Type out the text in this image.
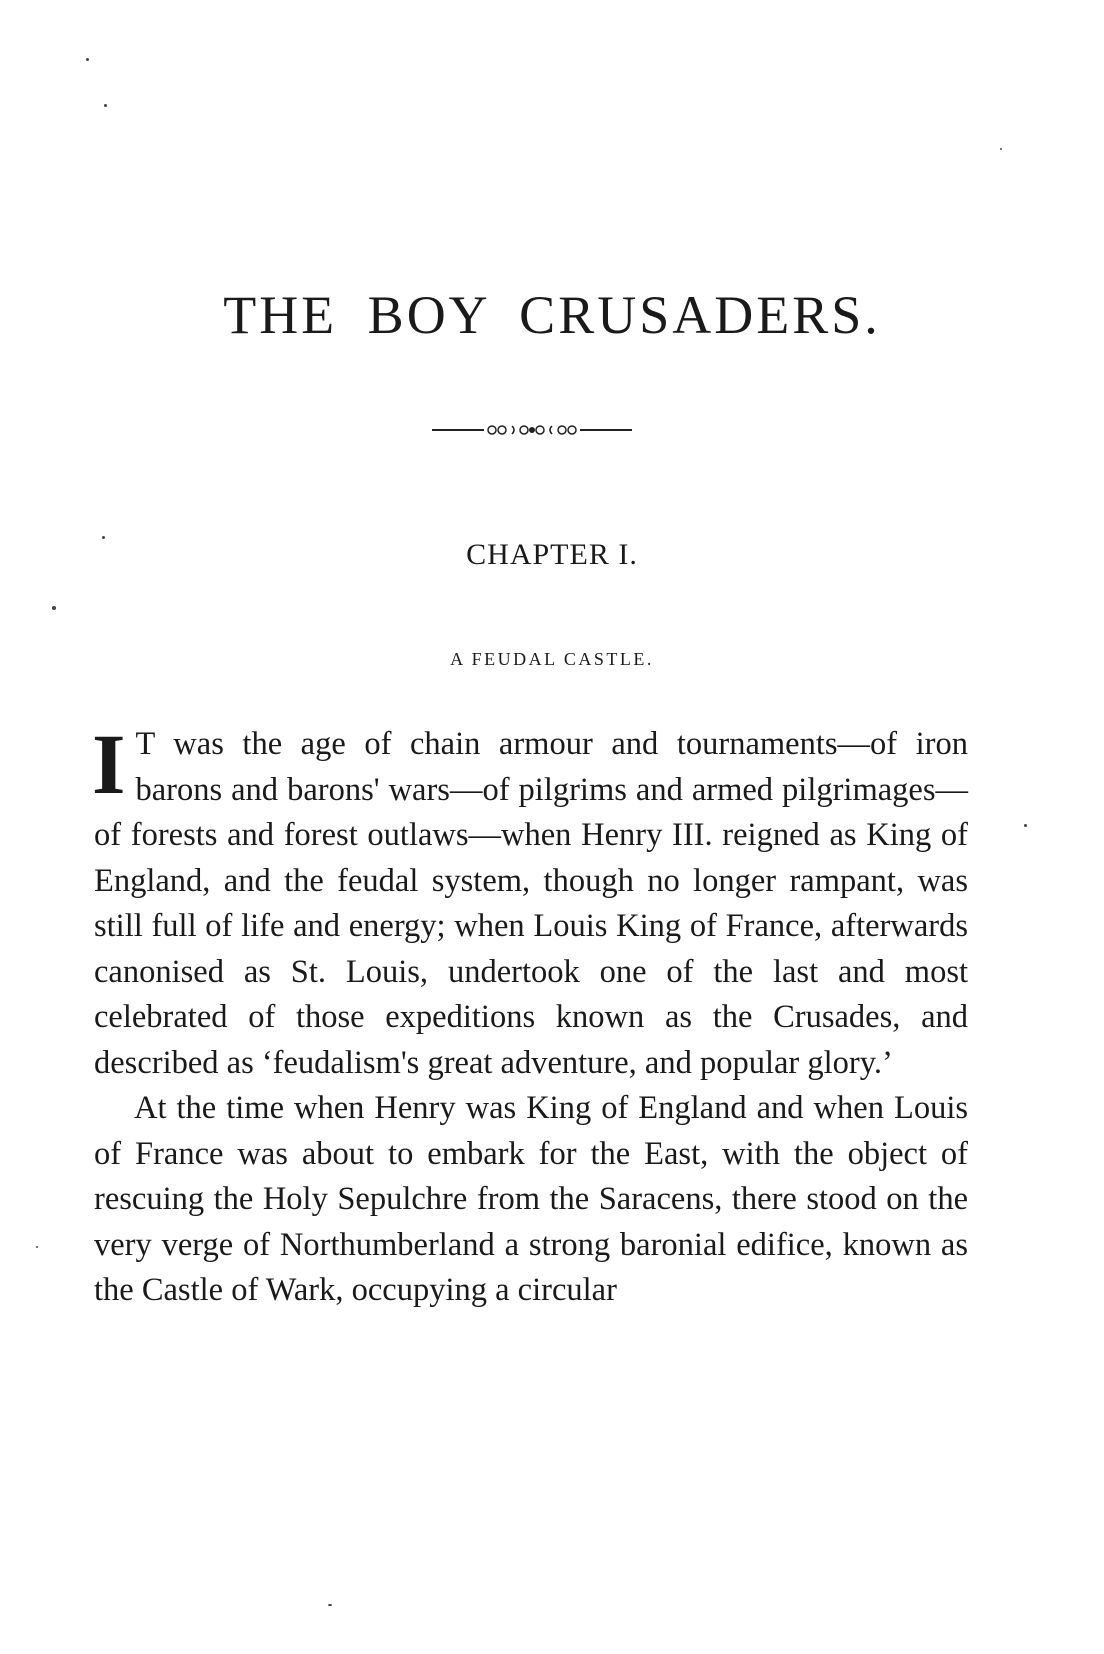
THE BOY CRUSADERS.
CHAPTER I.
A FEUDAL CASTLE.

I T was the age of chain armour and tournaments—of iron barons and barons' wars—of pilgrims and armed pilgrimages—of forests and forest outlaws—when Henry III. reigned as King of England, and the feudal system, though no longer rampant, was still full of life and energy; when Louis King of France, afterwards canonised as St. Louis, undertook one of the last and most celebrated of those expeditions known as the Crusades, and described as ‘feudalism's great adventure, and popular glory.’

At the time when Henry was King of England and when Louis of France was about to embark for the East, with the object of rescuing the Holy Sepulchre from the Saracens, there stood on the very verge of Northumberland a strong baronial edifice, known as the Castle of Wark, occupying a circular
